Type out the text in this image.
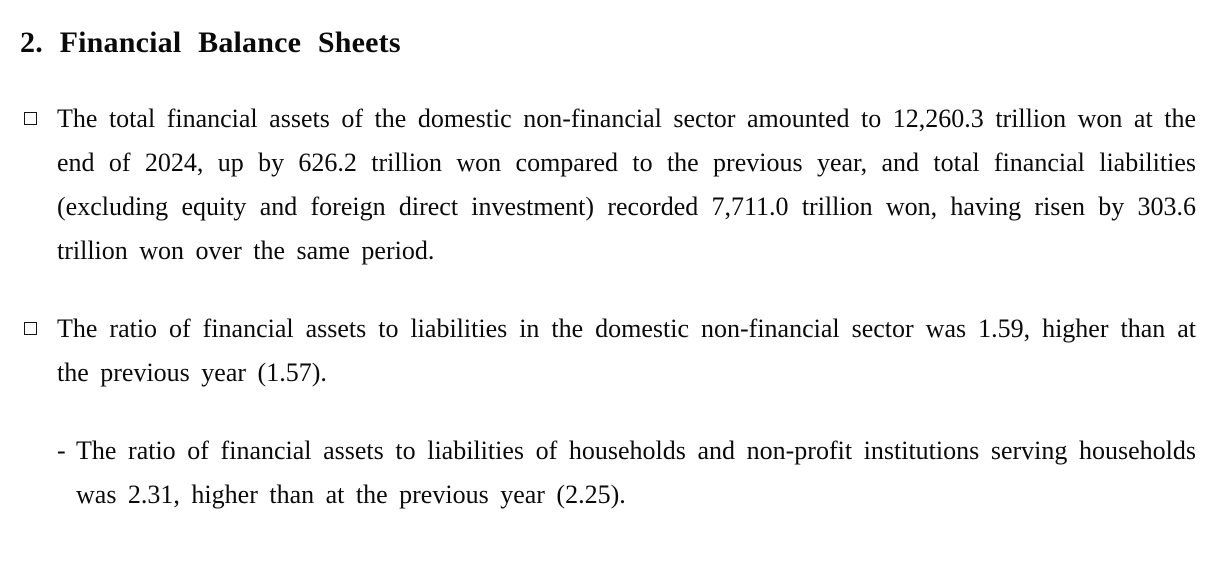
2. Financial Balance Sheets
The total financial assets of the domestic non-financial sector amounted to 12,260.3 trillion won at the end of 2024, up by 626.2 trillion won compared to the previous year, and total financial liabilities (excluding equity and foreign direct investment) recorded 7,711.0 trillion won, having risen by 303.6 trillion won over the same period.
The ratio of financial assets to liabilities in the domestic non-financial sector was 1.59, higher than at the previous year (1.57).
- The ratio of financial assets to liabilities of households and non-profit institutions serving households was 2.31, higher than at the previous year (2.25).
